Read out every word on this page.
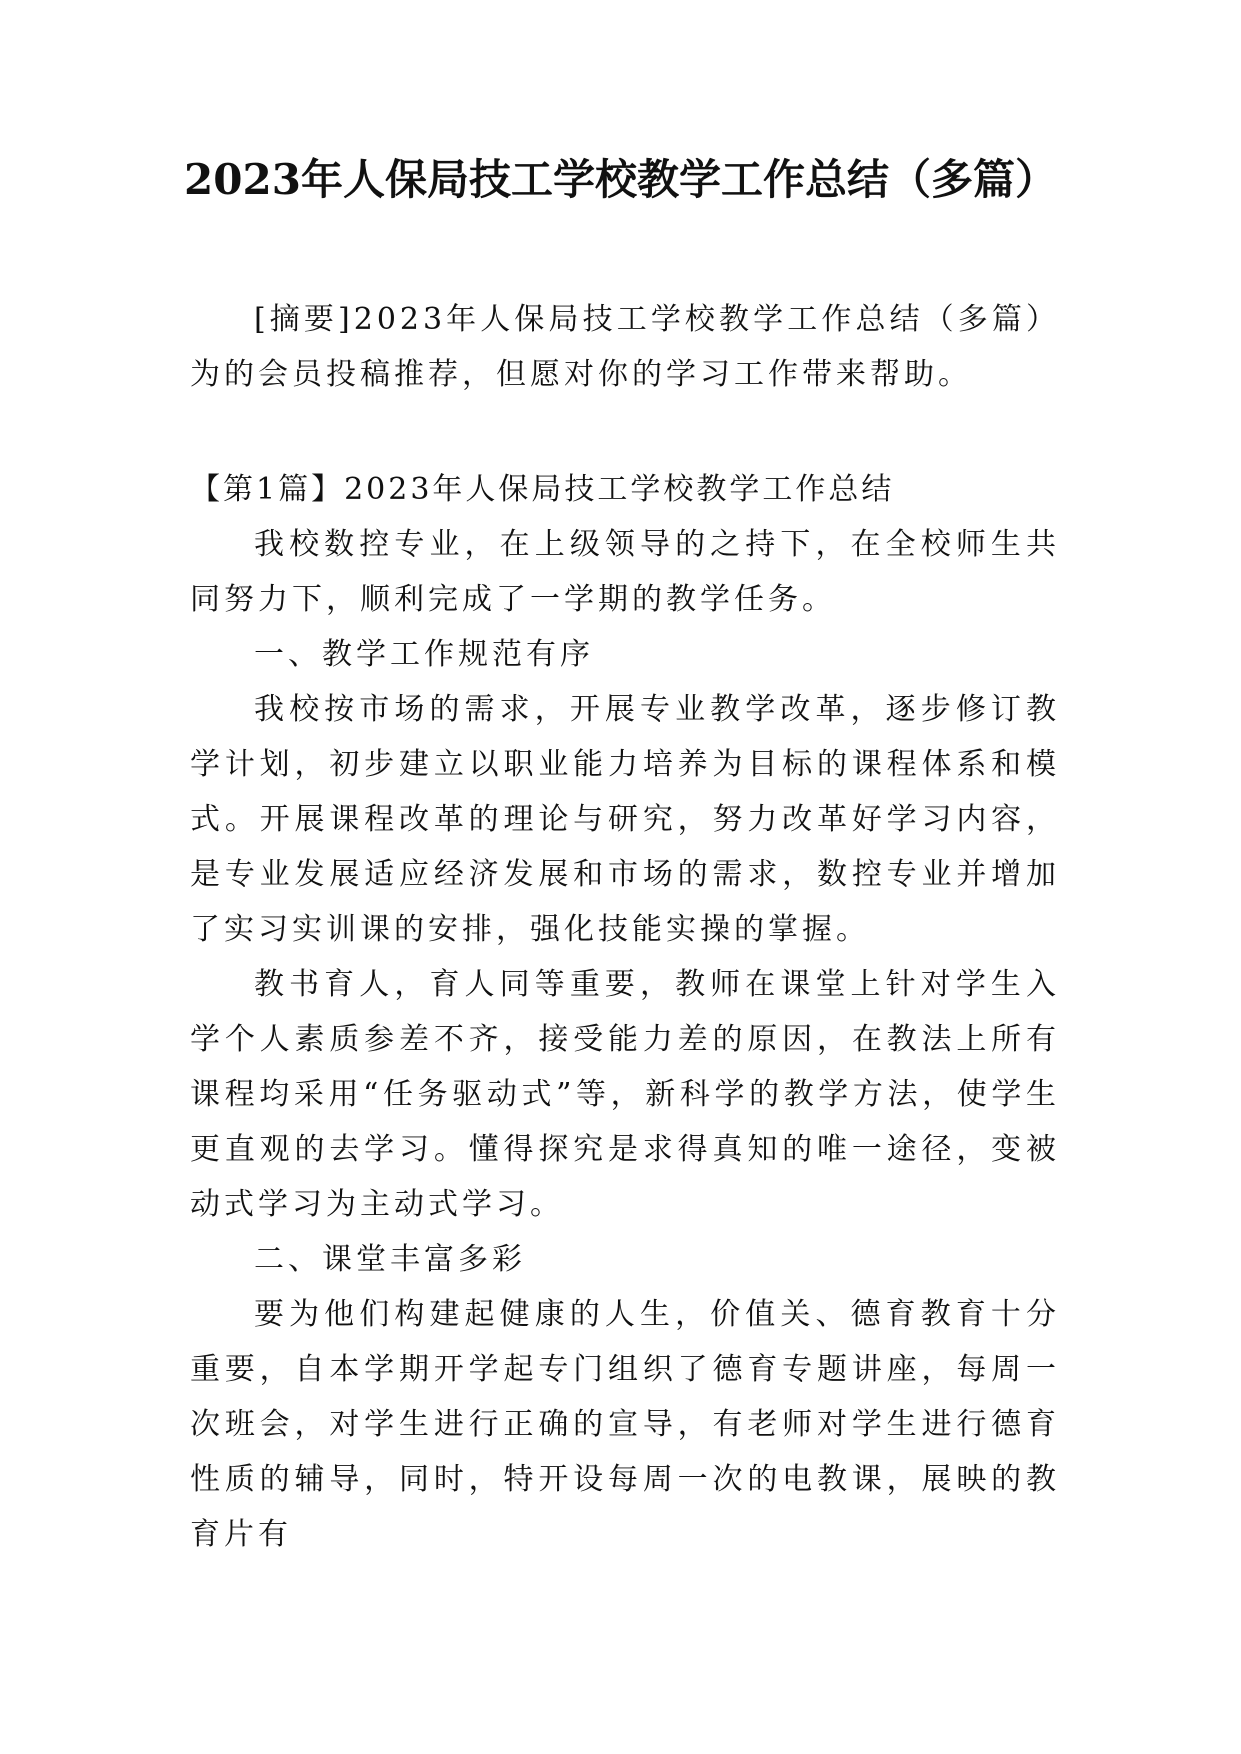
2023年人保局技工学校教学工作总结（多篇）

[摘要]2023年人保局技工学校教学工作总结（多篇）为的会员投稿推荐，但愿对你的学习工作带来帮助。

【第1篇】2023年人保局技工学校教学工作总结

我校数控专业，在上级领导的之持下，在全校师生共同努力下，顺利完成了一学期的教学任务。

一、教学工作规范有序

我校按市场的需求，开展专业教学改革，逐步修订教学计划，初步建立以职业能力培养为目标的课程体系和模式。开展课程改革的理论与研究，努力改革好学习内容，是专业发展适应经济发展和市场的需求，数控专业并增加了实习实训课的安排，强化技能实操的掌握。

教书育人，育人同等重要，教师在课堂上针对学生入学个人素质参差不齐，接受能力差的原因，在教法上所有课程均采用“任务驱动式”等，新科学的教学方法，使学生更直观的去学习。懂得探究是求得真知的唯一途径，变被动式学习为主动式学习。

二、课堂丰富多彩

要为他们构建起健康的人生，价值关、德育教育十分重要，自本学期开学起专门组织了德育专题讲座，每周一次班会，对学生进行正确的宣导，有老师对学生进行德育性质的辅导，同时，特开设每周一次的电教课，展映的教育片有
